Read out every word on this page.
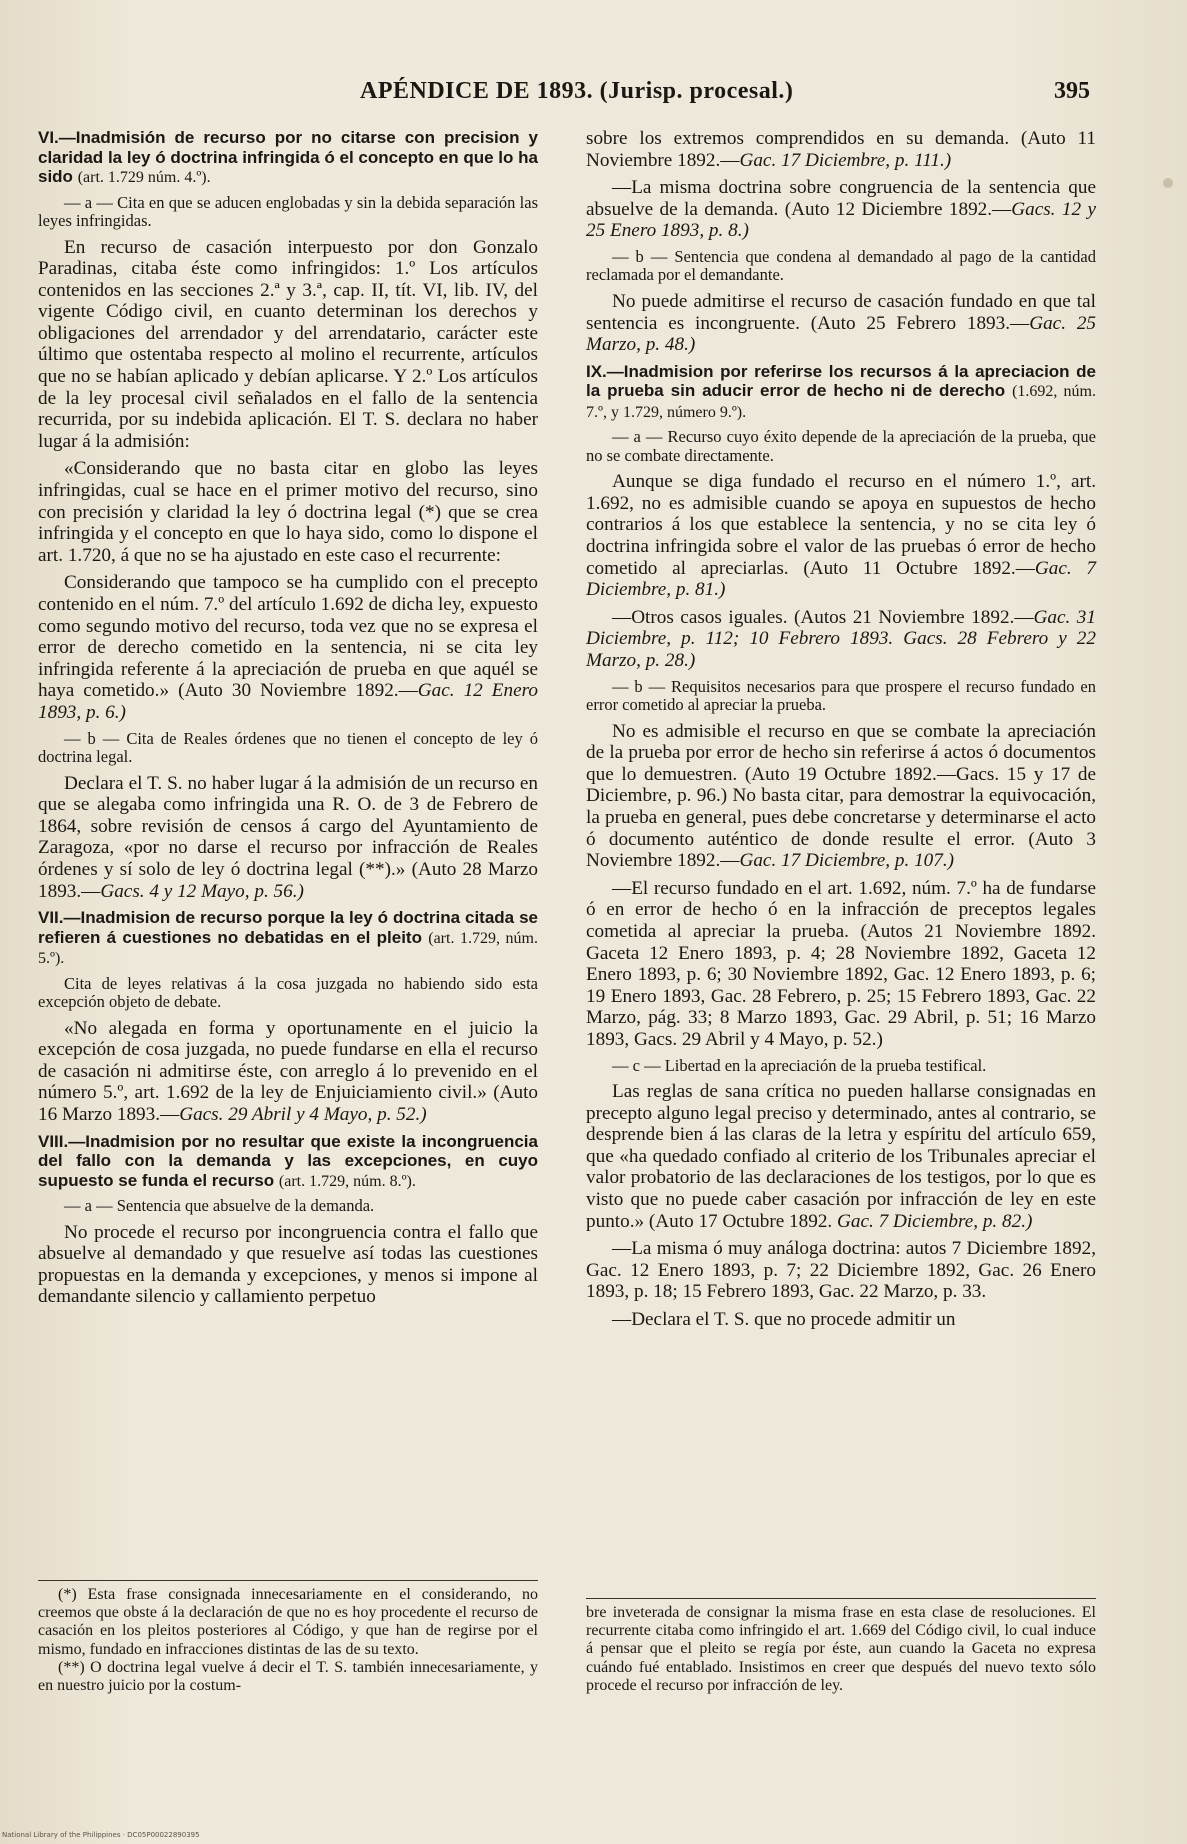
APÉNDICE DE 1893. (Jurisp. procesal.)	395

VI.—Inadmisión de recurso por no citarse con precision y claridad la ley ó doctrina infringida ó el concepto en que lo ha sido (art. 1.729 núm. 4.º).

— a — Cita en que se aducen englobadas y sin la debida separación las leyes infringidas.

En recurso de casación interpuesto por don Gonzalo Paradinas, citaba éste como infringidos: 1.º Los artículos contenidos en las secciones 2.ª y 3.ª, cap. II, tít. VI, lib. IV, del vigente Código civil, en cuanto determinan los derechos y obligaciones del arrendador y del arrendatario, carácter este último que ostentaba respecto al molino el recurrente, artículos que no se habían aplicado y debían aplicarse. Y 2.º Los artículos de la ley procesal civil señalados en el fallo de la sentencia recurrida, por su indebida aplicación. El T. S. declara no haber lugar á la admisión:

«Considerando que no basta citar en globo las leyes infringidas, cual se hace en el primer motivo del recurso, sino con precisión y claridad la ley ó doctrina legal (*) que se crea infringida y el concepto en que lo haya sido, como lo dispone el art. 1.720, á que no se ha ajustado en este caso el recurrente:

Considerando que tampoco se ha cumplido con el precepto contenido en el núm. 7.º del artículo 1.692 de dicha ley, expuesto como segundo motivo del recurso, toda vez que no se expresa el error de derecho cometido en la sentencia, ni se cita ley infringida referente á la apreciación de prueba en que aquél se haya cometido.» (Auto 30 Noviembre 1892.—Gac. 12 Enero 1893, p. 6.)

— b — Cita de Reales órdenes que no tienen el concepto de ley ó doctrina legal.

Declara el T. S. no haber lugar á la admisión de un recurso en que se alegaba como infringida una R. O. de 3 de Febrero de 1864, sobre revisión de censos á cargo del Ayuntamiento de Zaragoza, «por no darse el recurso por infracción de Reales órdenes y sí solo de ley ó doctrina legal (**).» (Auto 28 Marzo 1893.—Gacs. 4 y 12 Mayo, p. 56.)

VII.—Inadmision de recurso porque la ley ó doctrina citada se refieren á cuestiones no debatidas en el pleito (art. 1.729, núm. 5.º).

Cita de leyes relativas á la cosa juzgada no habiendo sido esta excepción objeto de debate.

«No alegada en forma y oportunamente en el juicio la excepción de cosa juzgada, no puede fundarse en ella el recurso de casación ni admitirse éste, con arreglo á lo prevenido en el número 5.º, art. 1.692 de la ley de Enjuiciamiento civil.» (Auto 16 Marzo 1893.—Gacs. 29 Abril y 4 Mayo, p. 52.)

VIII.—Inadmision por no resultar que existe la incongruencia del fallo con la demanda y las excepciones, en cuyo supuesto se funda el recurso (art. 1.729, núm. 8.º).

— a — Sentencia que absuelve de la demanda.

No procede el recurso por incongruencia contra el fallo que absuelve al demandado y que resuelve así todas las cuestiones propuestas en la demanda y excepciones, y menos si impone al demandante silencio y callamiento perpetuo

sobre los extremos comprendidos en su demanda. (Auto 11 Noviembre 1892.—Gac. 17 Diciembre, p. 111.)

—La misma doctrina sobre congruencia de la sentencia que absuelve de la demanda. (Auto 12 Diciembre 1892.—Gacs. 12 y 25 Enero 1893, p. 8.)

— b — Sentencia que condena al demandado al pago de la cantidad reclamada por el demandante.

No puede admitirse el recurso de casación fundado en que tal sentencia es incongruente. (Auto 25 Febrero 1893.—Gac. 25 Marzo, p. 48.)

IX.—Inadmision por referirse los recursos á la apreciacion de la prueba sin aducir error de hecho ni de derecho (1.692, núm. 7.º, y 1.729, número 9.º).

— a — Recurso cuyo éxito depende de la apreciación de la prueba, que no se combate directamente.

Aunque se diga fundado el recurso en el número 1.º, art. 1.692, no es admisible cuando se apoya en supuestos de hecho contrarios á los que establece la sentencia, y no se cita ley ó doctrina infringida sobre el valor de las pruebas ó error de hecho cometido al apreciarlas. (Auto 11 Octubre 1892.—Gac. 7 Diciembre, p. 81.)

—Otros casos iguales. (Autos 21 Noviembre 1892.—Gac. 31 Diciembre, p. 112; 10 Febrero 1893. Gacs. 28 Febrero y 22 Marzo, p. 28.)

— b — Requisitos necesarios para que prospere el recurso fundado en error cometido al apreciar la prueba.

No es admisible el recurso en que se combate la apreciación de la prueba por error de hecho sin referirse á actos ó documentos que lo demuestren. (Auto 19 Octubre 1892.—Gacs. 15 y 17 de Diciembre, p. 96.) No basta citar, para demostrar la equivocación, la prueba en general, pues debe concretarse y determinarse el acto ó documento auténtico de donde resulte el error. (Auto 3 Noviembre 1892.—Gac. 17 Diciembre, p. 107.)

—El recurso fundado en el art. 1.692, núm. 7.º ha de fundarse ó en error de hecho ó en la infracción de preceptos legales cometida al apreciar la prueba. (Autos 21 Noviembre 1892. Gaceta 12 Enero 1893, p. 4; 28 Noviembre 1892, Gaceta 12 Enero 1893, p. 6; 30 Noviembre 1892, Gac. 12 Enero 1893, p. 6; 19 Enero 1893, Gac. 28 Febrero, p. 25; 15 Febrero 1893, Gac. 22 Marzo, pág. 33; 8 Marzo 1893, Gac. 29 Abril, p. 51; 16 Marzo 1893, Gacs. 29 Abril y 4 Mayo, p. 52.)

— c — Libertad en la apreciación de la prueba testifical.

Las reglas de sana crítica no pueden hallarse consignadas en precepto alguno legal preciso y determinado, antes al contrario, se desprende bien á las claras de la letra y espíritu del artículo 659, que «ha quedado confiado al criterio de los Tribunales apreciar el valor probatorio de las declaraciones de los testigos, por lo que es visto que no puede caber casación por infracción de ley en este punto.» (Auto 17 Octubre 1892. Gac. 7 Diciembre, p. 82.)

—La misma ó muy análoga doctrina: autos 7 Diciembre 1892, Gac. 12 Enero 1893, p. 7; 22 Diciembre 1892, Gac. 26 Enero 1893, p. 18; 15 Febrero 1893, Gac. 22 Marzo, p. 33.

—Declara el T. S. que no procede admitir un

(*) Esta frase consignada innecesariamente en el considerando, no creemos que obste á la declaración de que no es hoy procedente el recurso de casación en los pleitos posteriores al Código, y que han de regirse por el mismo, fundado en infracciones distintas de las de su texto.

(**) O doctrina legal vuelve á decir el T. S. también innecesariamente, y en nuestro juicio por la costum-

bre inveterada de consignar la misma frase en esta clase de resoluciones. El recurrente citaba como infringido el art. 1.669 del Código civil, lo cual induce á pensar que el pleito se regía por éste, aun cuando la Gaceta no expresa cuándo fué entablado. Insistimos en creer que después del nuevo texto sólo procede el recurso por infracción de ley.

National Library of the Philippines · DC05P00022890395
